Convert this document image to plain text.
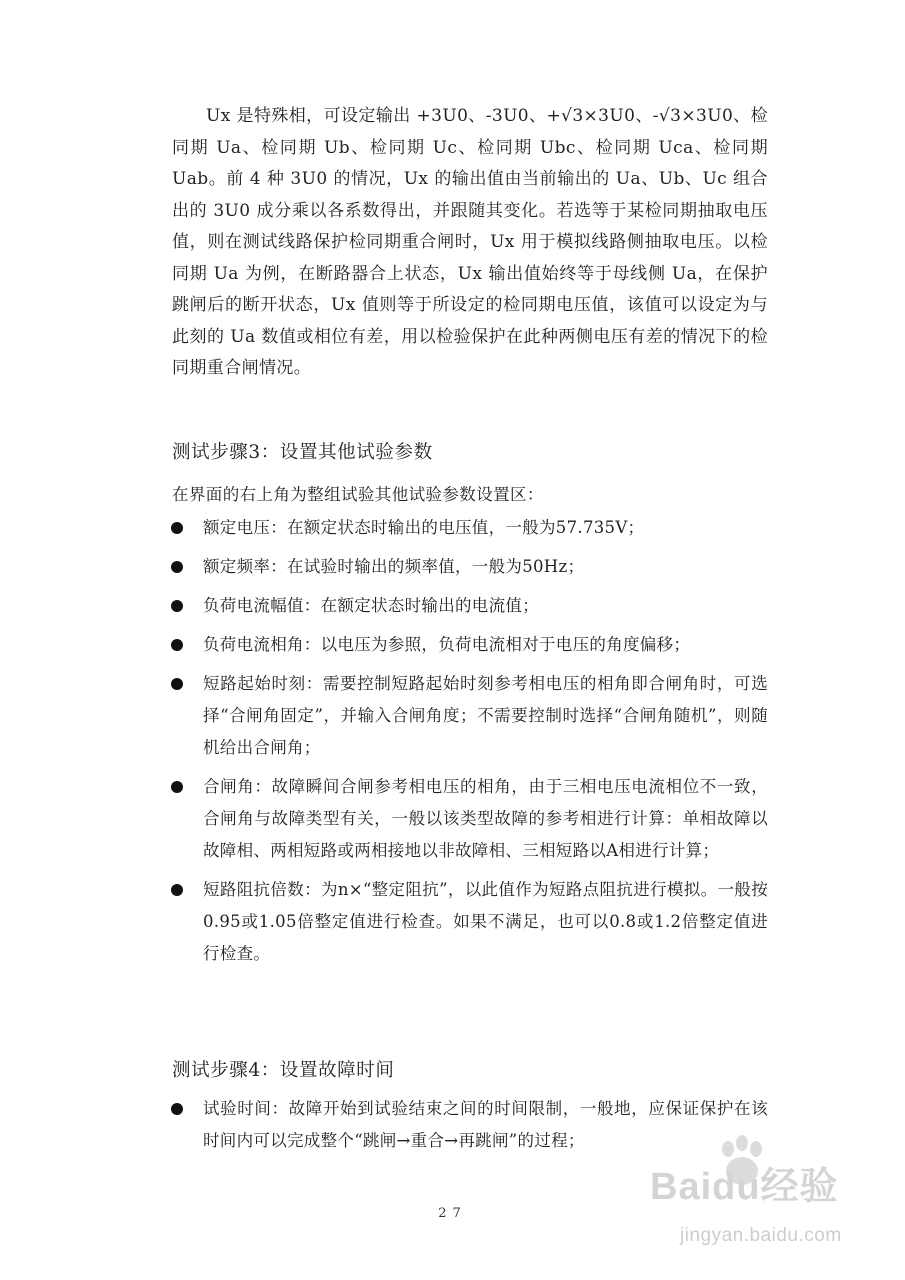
Ux 是特殊相，可设定输出 +3U0、-3U0、+√3×3U0、-√3×3U0、检同期 Ua、检同期 Ub、检同期 Uc、检同期 Ubc、检同期 Uca、检同期 Uab。前 4 种 3U0 的情况，Ux 的输出值由当前输出的 Ua、Ub、Uc 组合出的 3U0 成分乘以各系数得出，并跟随其变化。若选等于某检同期抽取电压值，则在测试线路保护检同期重合闸时，Ux 用于模拟线路侧抽取电压。以检同期 Ua 为例，在断路器合上状态，Ux 输出值始终等于母线侧 Ua，在保护跳闸后的断开状态，Ux 值则等于所设定的检同期电压值，该值可以设定为与此刻的 Ua 数值或相位有差，用以检验保护在此种两侧电压有差的情况下的检同期重合闸情况。

测试步骤3：设置其他试验参数
在界面的右上角为整组试验其他试验参数设置区：
额定电压：在额定状态时输出的电压值，一般为57.735V；
额定频率：在试验时输出的频率值，一般为50Hz；
负荷电流幅值：在额定状态时输出的电流值；
负荷电流相角：以电压为参照，负荷电流相对于电压的角度偏移；
短路起始时刻：需要控制短路起始时刻参考相电压的相角即合闸角时，可选择“合闸角固定”，并输入合闸角度；不需要控制时选择“合闸角随机”，则随机给出合闸角；
合闸角：故障瞬间合闸参考相电压的相角，由于三相电压电流相位不一致，合闸角与故障类型有关，一般以该类型故障的参考相进行计算：单相故障以故障相、两相短路或两相接地以非故障相、三相短路以A相进行计算；
短路阻抗倍数：为n×“整定阻抗”，以此值作为短路点阻抗进行模拟。一般按0.95或1.05倍整定值进行检查。如果不满足，也可以0.8或1.2倍整定值进行检查。
测试步骤4：设置故障时间
试验时间：故障开始到试验结束之间的时间限制，一般地，应保证保护在该时间内可以完成整个“跳闸→重合→再跳闸”的过程；
27
Baidu经验
jingyan.baidu.com
